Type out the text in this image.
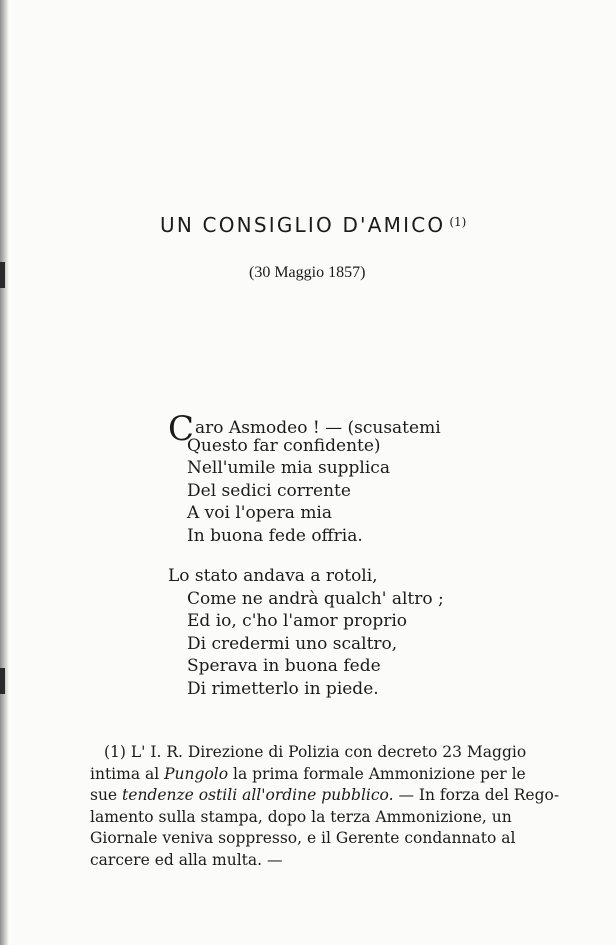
UN CONSIGLIO D'AMICO $^{(1)}$
(30 Maggio 1857)
Caro Asmodeo ! — (scusatemi
Questo far confidente)
Nell'umile mia supplica
Del sedici corrente
A voi l'opera mia
In buona fede offria.
Lo stato andava a rotoli,
Come ne andrà qualch' altro ;
Ed io, c'ho l'amor proprio
Di credermi uno scaltro,
Sperava in buona fede
Di rimetterlo in piede.
(1) L' I. R. Direzione di Polizia con decreto 23 Maggio
intima al Pungolo la prima formale Ammonizione per le
sue tendenze ostili all'ordine pubblico. — In forza del Rego-
lamento sulla stampa, dopo la terza Ammonizione, un
Giornale veniva soppresso, e il Gerente condannato al
carcere ed alla multa. —
